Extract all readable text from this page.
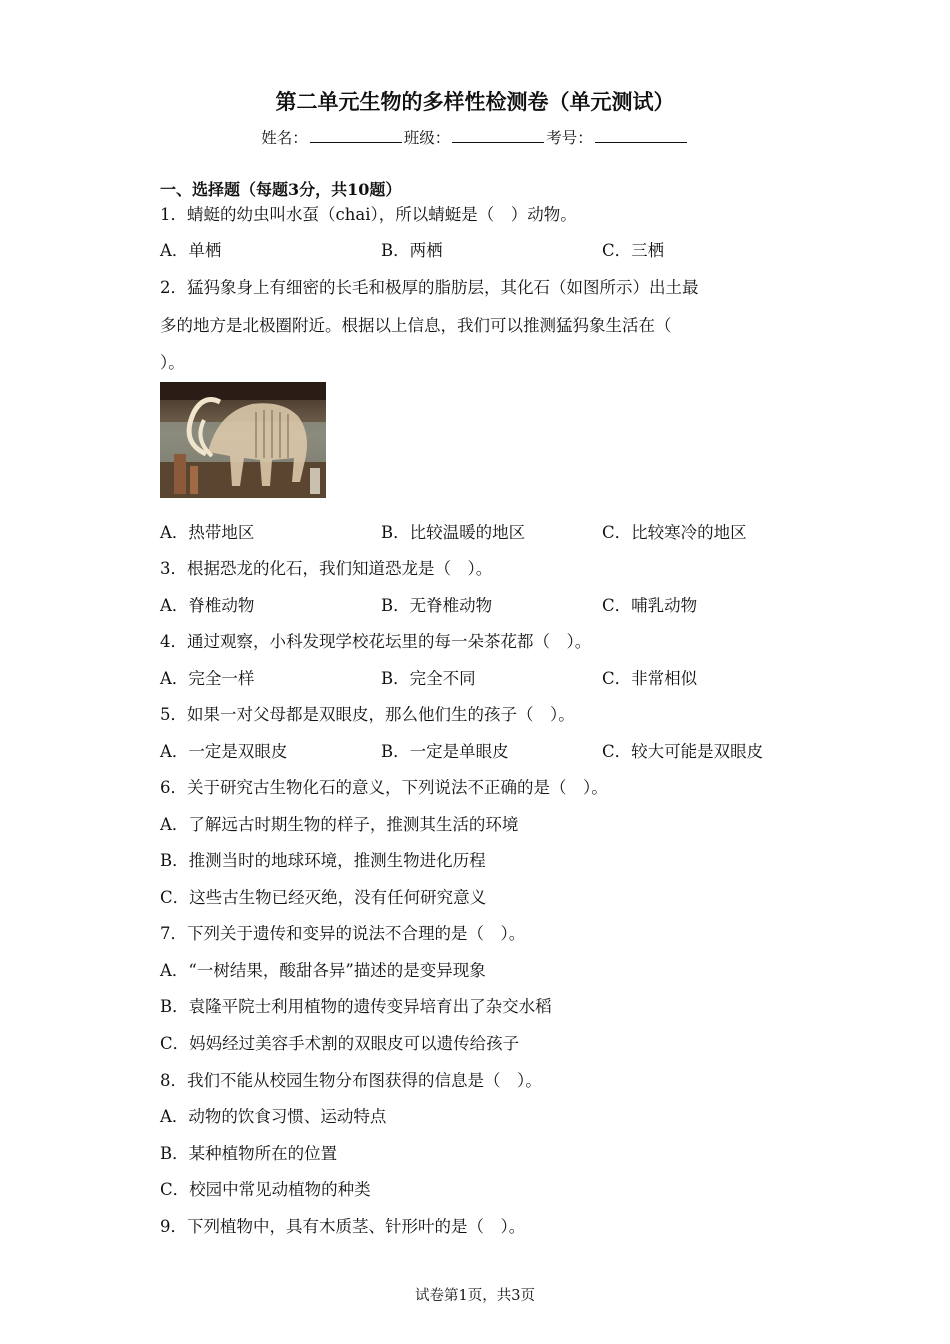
第二单元生物的多样性检测卷（单元测试）
姓名：	班级：	考号：
一、选择题（每题3分，共10题）
1．蜻蜓的幼虫叫水虿（chai），所以蜻蜓是（　）动物。
A．单栖	B．两栖	C．三栖
2．猛犸象身上有细密的长毛和极厚的脂肪层，其化石（如图所示）出土最
多的地方是北极圈附近。根据以上信息，我们可以推测猛犸象生活在（
）。
A．热带地区	B．比较温暖的地区	C．比较寒冷的地区
3．根据恐龙的化石，我们知道恐龙是（　）。
A．脊椎动物	B．无脊椎动物	C．哺乳动物
4．通过观察，小科发现学校花坛里的每一朵茶花都（　）。
A．完全一样	B．完全不同	C．非常相似
5．如果一对父母都是双眼皮，那么他们生的孩子（　）。
A．一定是双眼皮	B．一定是单眼皮	C．较大可能是双眼皮
6．关于研究古生物化石的意义，下列说法不正确的是（　）。
A．了解远古时期生物的样子，推测其生活的环境
B．推测当时的地球环境，推测生物进化历程
C．这些古生物已经灭绝，没有任何研究意义
7．下列关于遗传和变异的说法不合理的是（　）。
A．“一树结果，酸甜各异”描述的是变异现象
B．袁隆平院士利用植物的遗传变异培育出了杂交水稻
C．妈妈经过美容手术割的双眼皮可以遗传给孩子
8．我们不能从校园生物分布图获得的信息是（　）。
A．动物的饮食习惯、运动特点
B．某种植物所在的位置
C．校园中常见动植物的种类
9．下列植物中，具有木质茎、针形叶的是（　）。
试卷第1页，共3页
